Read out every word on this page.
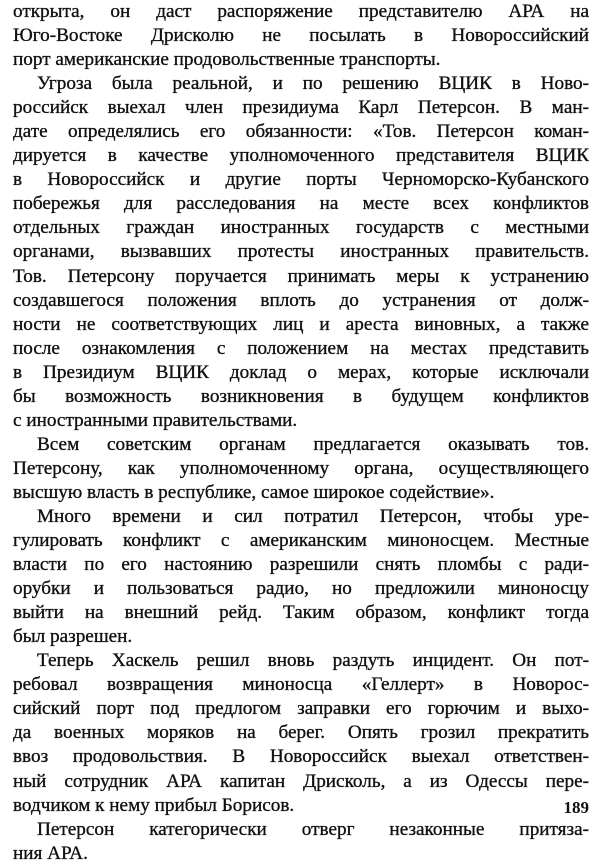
открыта, он даст распоряжение представителю АРА на
Юго-Востоке Дрисколю не посылать в Новороссийский
порт американские продовольственные транспорты.
Угроза была реальной, и по решению ВЦИК в Ново-
российск выехал член президиума Карл Петерсон. В ман-
дате определялись его обязанности: «Тов. Петерсон коман-
дируется в качестве уполномоченного представителя ВЦИК
в Новороссийск и другие порты Черноморско-Кубанского
побережья для расследования на месте всех конфликтов
отдельных граждан иностранных государств с местными
органами, вызвавших протесты иностранных правительств.
Тов. Петерсону поручается принимать меры к устранению
создавшегося положения вплоть до устранения от долж-
ности не соответствующих лиц и ареста виновных, а также
после ознакомления с положением на местах представить
в Президиум ВЦИК доклад о мерах, которые исключали
бы возможность возникновения в будущем конфликтов
с иностранными правительствами.
Всем советским органам предлагается оказывать тов.
Петерсону, как уполномоченному органа, осуществляющего
высшую власть в республике, самое широкое содействие».
Много времени и сил потратил Петерсон, чтобы уре-
гулировать конфликт с американским миноносцем. Местные
власти по его настоянию разрешили снять пломбы с ради-
орубки и пользоваться радио, но предложили миноносцу
выйти на внешний рейд. Таким образом, конфликт тогда
был разрешен.
Теперь Хаскель решил вновь раздуть инцидент. Он пот-
ребовал возвращения миноносца «Геллерт» в Новорос-
сийский порт под предлогом заправки его горючим и выхо-
да военных моряков на берег. Опять грозил прекратить
ввоз продовольствия. В Новороссийск выехал ответствен-
ный сотрудник АРА капитан Дрисколь, а из Одессы пере-
водчиком к нему прибыл Борисов.
Петерсон категорически отверг незаконные притяза-
ния АРА.
189
